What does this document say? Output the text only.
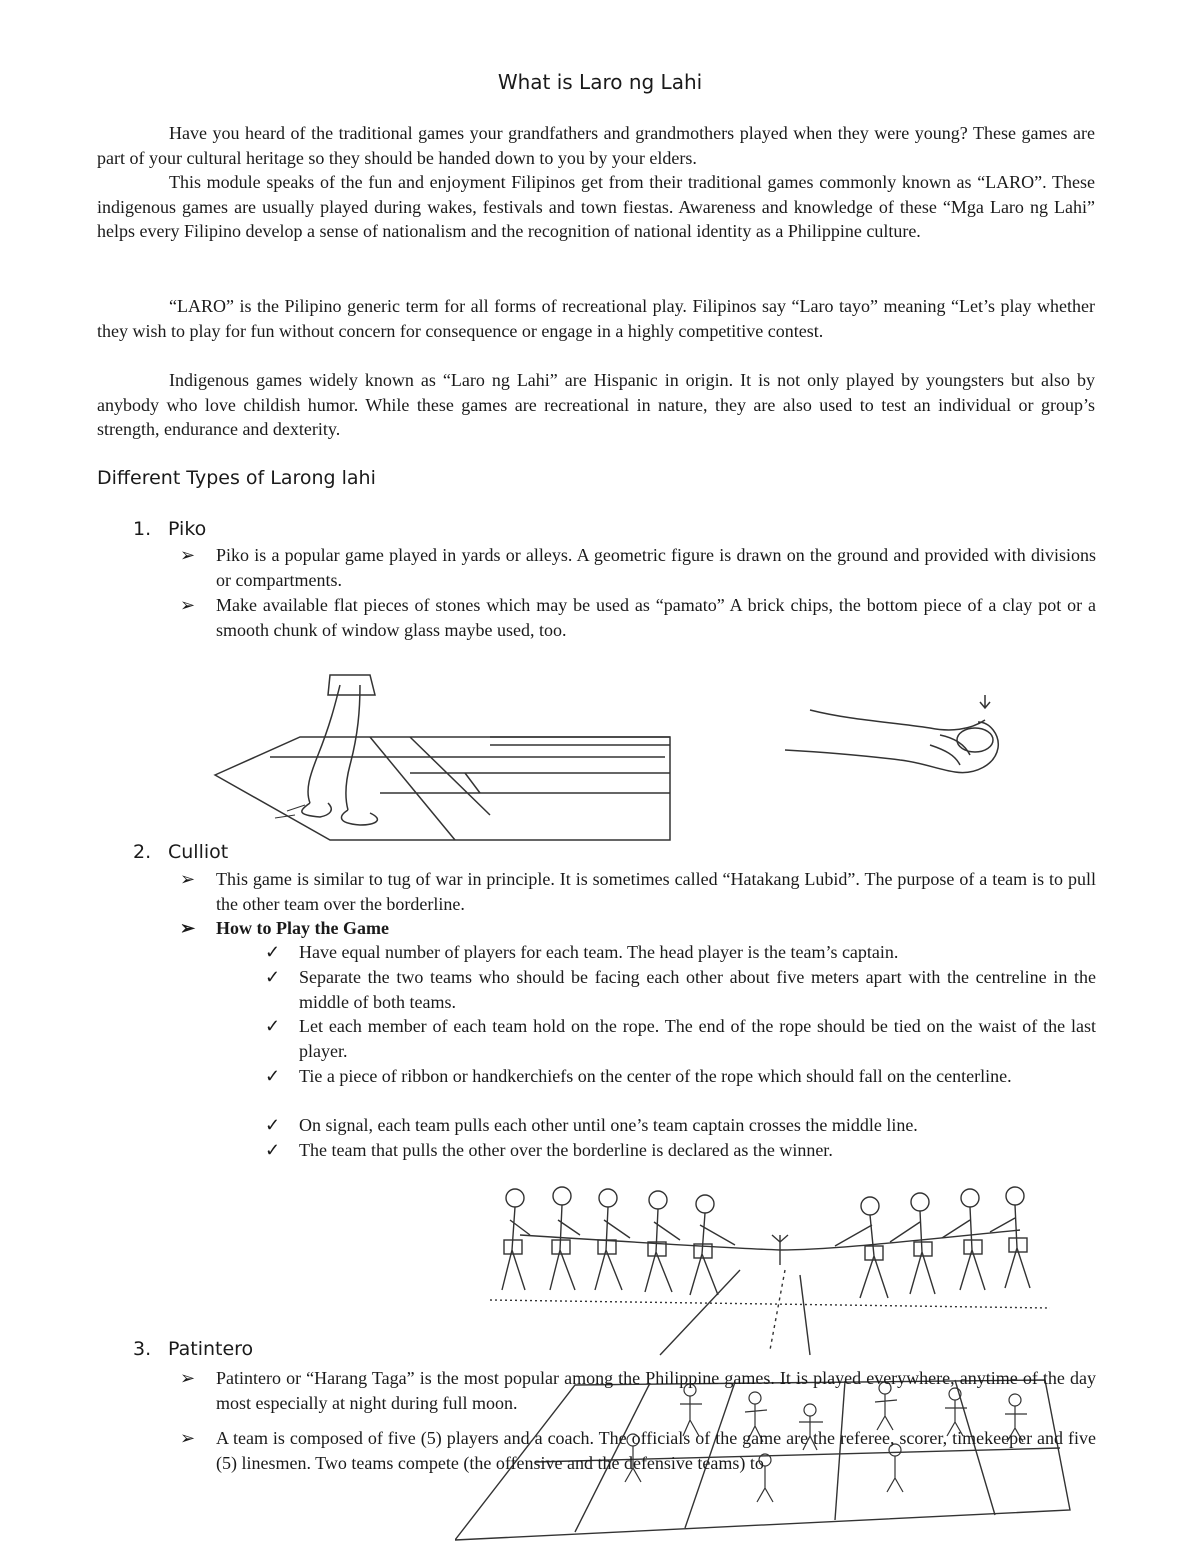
What is Laro ng Lahi
Have you heard of the traditional games your grandfathers and grandmothers played when they were young? These games are part of your cultural heritage so they should be handed down to you by your elders.
This module speaks of the fun and enjoyment Filipinos get from their traditional games commonly known as “LARO”. These indigenous games are usually played during wakes, festivals and town fiestas. Awareness and knowledge of these “Mga Laro ng Lahi” helps every Filipino develop a sense of nationalism and the recognition of national identity as a Philippine culture.
“LARO” is the Pilipino generic term for all forms of recreational play. Filipinos say “Laro tayo” meaning “Let’s play whether they wish to play for fun without concern for consequence or engage in a highly competitive contest.
Indigenous games widely known as “Laro ng Lahi” are Hispanic in origin. It is not only played by youngsters but also by anybody who love childish humor. While these games are recreational in nature, they are also used to test an individual or group’s strength, endurance and dexterity.
Different Types of Larong lahi
1. Piko
➢ Piko is a popular game played in yards or alleys. A geometric figure is drawn on the ground and provided with divisions or compartments.
➢ Make available flat pieces of stones which may be used as “pamato” A brick chips, the bottom piece of a clay pot or a smooth chunk of window glass maybe used, too.
2. Culliot
➢ This game is similar to tug of war in principle. It is sometimes called “Hatakang Lubid”. The purpose of a team is to pull the other team over the borderline.
➢ How to Play the Game
✓ Have equal number of players for each team. The head player is the team’s captain.
✓ Separate the two teams who should be facing each other about five meters apart with the centreline in the middle of both teams.
✓ Let each member of each team hold on the rope. The end of the rope should be tied on the waist of the last player.
✓ Tie a piece of ribbon or handkerchiefs on the center of the rope which should fall on the centerline.
✓ On signal, each team pulls each other until one’s team captain crosses the middle line.
✓ The team that pulls the other over the borderline is declared as the winner.
3. Patintero
➢ Patintero or “Harang Taga” is the most popular among the Philippine games. It is played everywhere, anytime of the day most especially at night during full moon.
➢ A team is composed of five (5) players and a coach. The officials of the game are the referee, scorer, timekeeper and five (5) linesmen. Two teams compete (the offensive and the defensive teams) to
